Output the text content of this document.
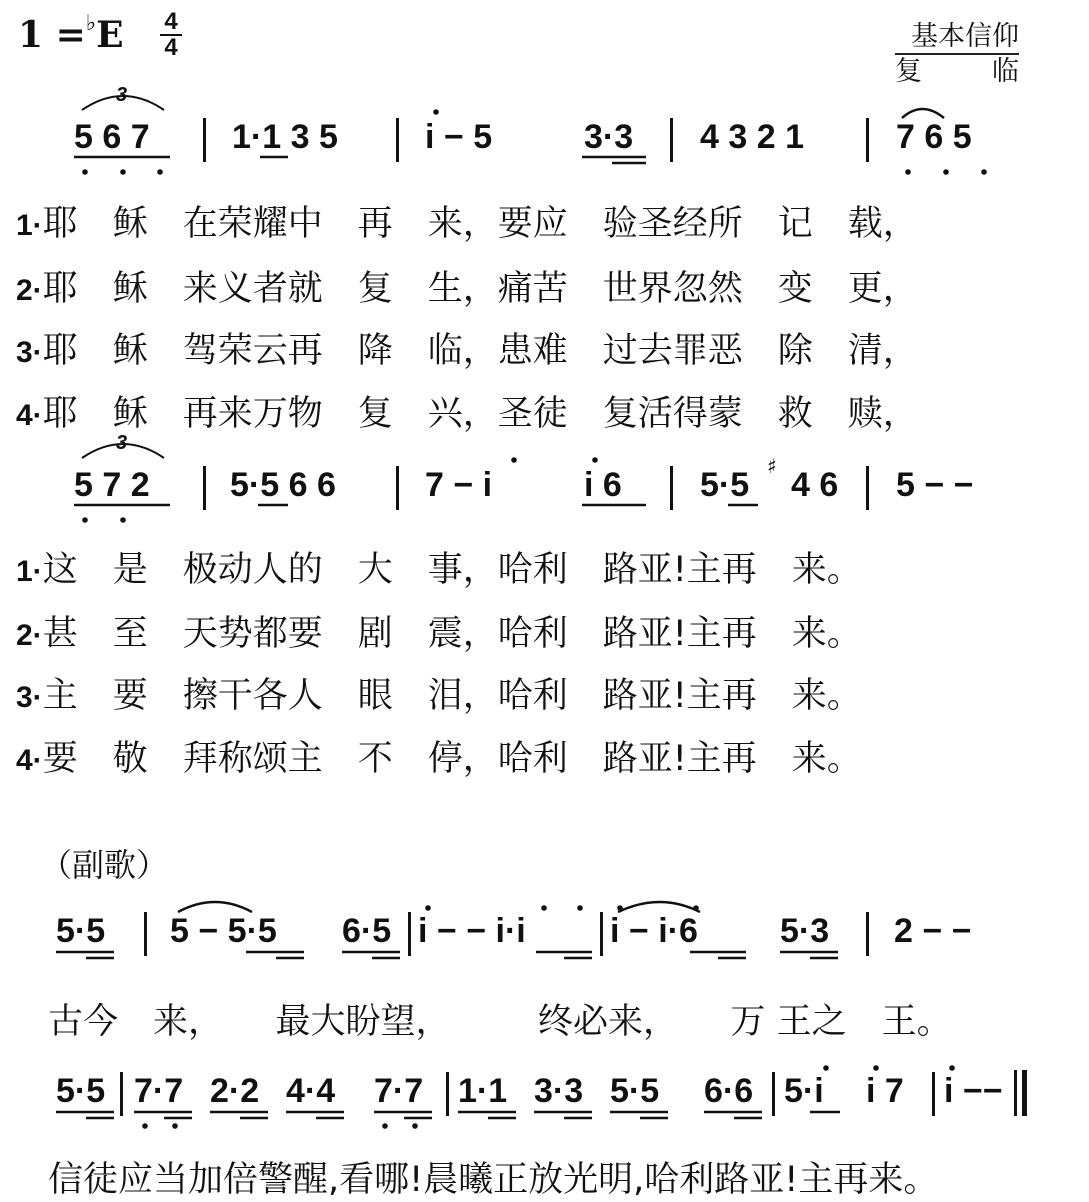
1 =♭E 4
4	基本信仰
复临
3
5 6 7 1·1 3 5	i − 5	3·3 4 3 2 1	7 6 5
1·耶　稣　在荣耀中　再　来，要应　验圣经所　记　载，
2·耶　稣　来义者就　复　生，痛苦　世界忽然　变　更，
3·耶　稣　驾荣云再　降　临，患难　过去罪恶　除　清，
4·耶　稣　再来万物　复　兴，圣徒　复活得蒙　救　赎，
3
5 7 2 5·5 6 6	7 − i	i 6 5·5 ♯ 4 6 5 − −
1·这　是　极动人的　大　事，哈利　路亚!主再　来。
2·甚　至　天势都要　剧　震，哈利　路亚!主再　来。
3·主　要　擦干各人　眼　泪，哈利　路亚!主再　来。
4·要　敬　拜称颂主　不　停，哈利　路亚!主再　来。
（副歌）
5·5 5 − 5·5 6·5 i − − i·i i − i·6 5·3 2 − −
古今　来，　　最大盼望，　　　终必来，　　万 王之　王。
5·5 7·7 2·2 4·4 7·7 1·1 3·3 5·5 6·6 5·i i 7 i −−
信徒应当加倍警醒,看哪!晨曦正放光明,哈利路亚!主再来。
